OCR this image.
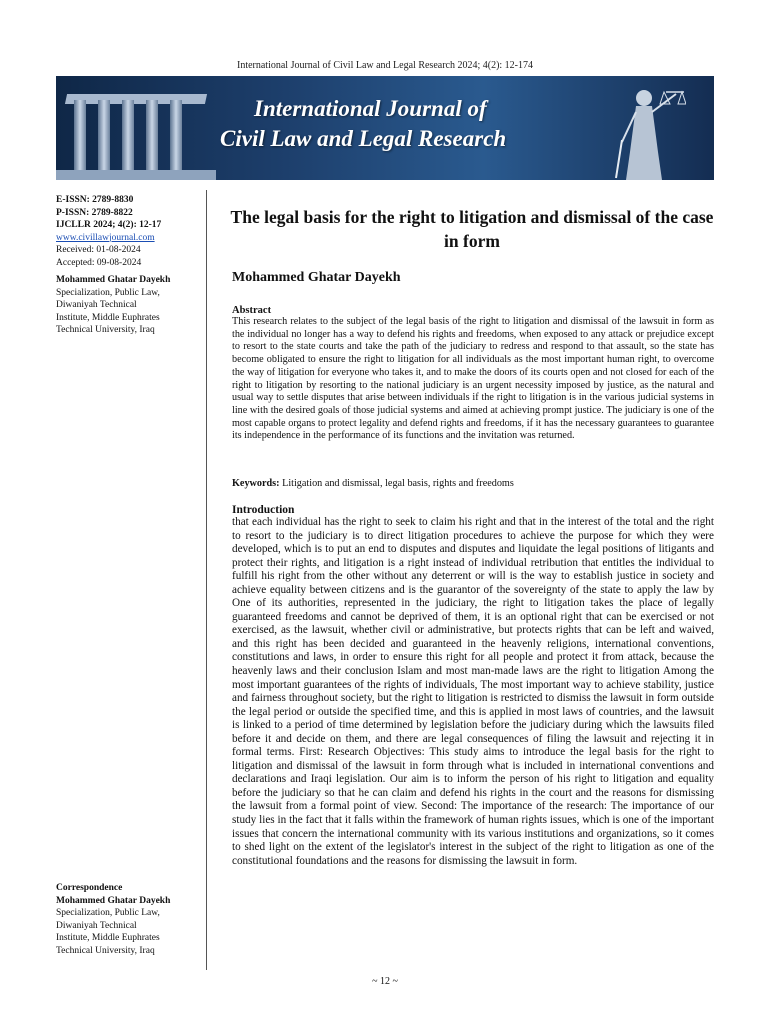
International Journal of Civil Law and Legal Research 2024; 4(2): 12-174
International Journal of
Civil Law and Legal Research
E-ISSN: 2789-8830
P-ISSN: 2789-8822
IJCLLR 2024; 4(2): 12-17
www.civillawjournal.com
Received: 01-08-2024
Accepted: 09-08-2024
Mohammed Ghatar Dayekh
Specialization, Public Law,
Diwaniyah Technical
Institute, Middle Euphrates
Technical University, Iraq
Correspondence
Mohammed Ghatar Dayekh
Specialization, Public Law,
Diwaniyah Technical
Institute, Middle Euphrates
Technical University, Iraq
The legal basis for the right to litigation and dismissal of the case in form
Mohammed Ghatar Dayekh
Abstract
This research relates to the subject of the legal basis of the right to litigation and dismissal of the lawsuit in form as the individual no longer has a way to defend his rights and freedoms, when exposed to any attack or prejudice except to resort to the state courts and take the path of the judiciary to redress and respond to that assault, so the state has become obligated to ensure the right to litigation for all individuals as the most important human right, to overcome the way of litigation for everyone who takes it, and to make the doors of its courts open and not closed for each of the right to litigation by resorting to the national judiciary is an urgent necessity imposed by justice, as the natural and usual way to settle disputes that arise between individuals if the right to litigation is in the various judicial systems in line with the desired goals of those judicial systems and aimed at achieving prompt justice. The judiciary is one of the most capable organs to protect legality and defend rights and freedoms, if it has the necessary guarantees to guarantee its independence in the performance of its functions and the invitation was returned.
Keywords: Litigation and dismissal, legal basis, rights and freedoms
Introduction
that each individual has the right to seek to claim his right and that in the interest of the total and the right to resort to the judiciary is to direct litigation procedures to achieve the purpose for which they were developed, which is to put an end to disputes and disputes and liquidate the legal positions of litigants and protect their rights, and litigation is a right instead of individual retribution that entitles the individual to fulfill his right from the other without any deterrent or will is the way to establish justice in society and achieve equality between citizens and is the guarantor of the sovereignty of the state to apply the law by One of its authorities, represented in the judiciary, the right to litigation takes the place of legally guaranteed freedoms and cannot be deprived of them, it is an optional right that can be exercised or not exercised, as the lawsuit, whether civil or administrative, but protects rights that can be left and waived, and this right has been decided and guaranteed in the heavenly religions, international conventions, constitutions and laws, in order to ensure this right for all people and protect it from attack, because the heavenly laws and their conclusion Islam and most man-made laws are the right to litigation Among the most important guarantees of the rights of individuals, The most important way to achieve stability, justice and fairness throughout society, but the right to litigation is restricted to dismiss the lawsuit in form outside the legal period or outside the specified time, and this is applied in most laws of countries, and the lawsuit is linked to a period of time determined by legislation before the judiciary during which the lawsuits filed before it and decide on them, and there are legal consequences of filing the lawsuit and rejecting it in formal terms. First: Research Objectives: This study aims to introduce the legal basis for the right to litigation and dismissal of the lawsuit in form through what is included in international conventions and declarations and Iraqi legislation. Our aim is to inform the person of his right to litigation and equality before the judiciary so that he can claim and defend his rights in the court and the reasons for dismissing the lawsuit from a formal point of view. Second: The importance of the research: The importance of our study lies in the fact that it falls within the framework of human rights issues, which is one of the important issues that concern the international community with its various institutions and organizations, so it comes to shed light on the extent of the legislator's interest in the subject of the right to litigation as one of the constitutional foundations and the reasons for dismissing the lawsuit in form.
~ 12 ~
